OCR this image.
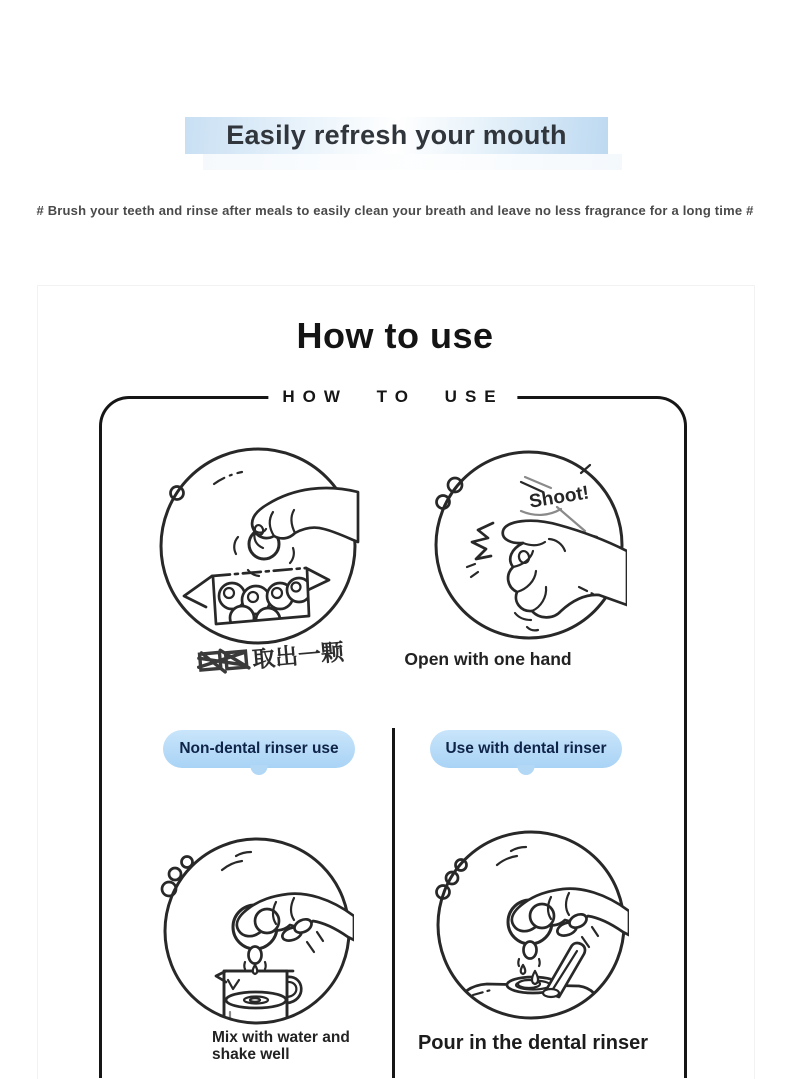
Easily refresh your mouth
# Brush your teeth and rinse after meals to easily clean your breath and leave no less fragrance for a long time #
How to use
HOW TO USE
Shoot!
取出一颗	Open with one hand
Non-dental rinser use	Use with dental rinser
Mix with water and
shake well	Pour in the dental rinser
